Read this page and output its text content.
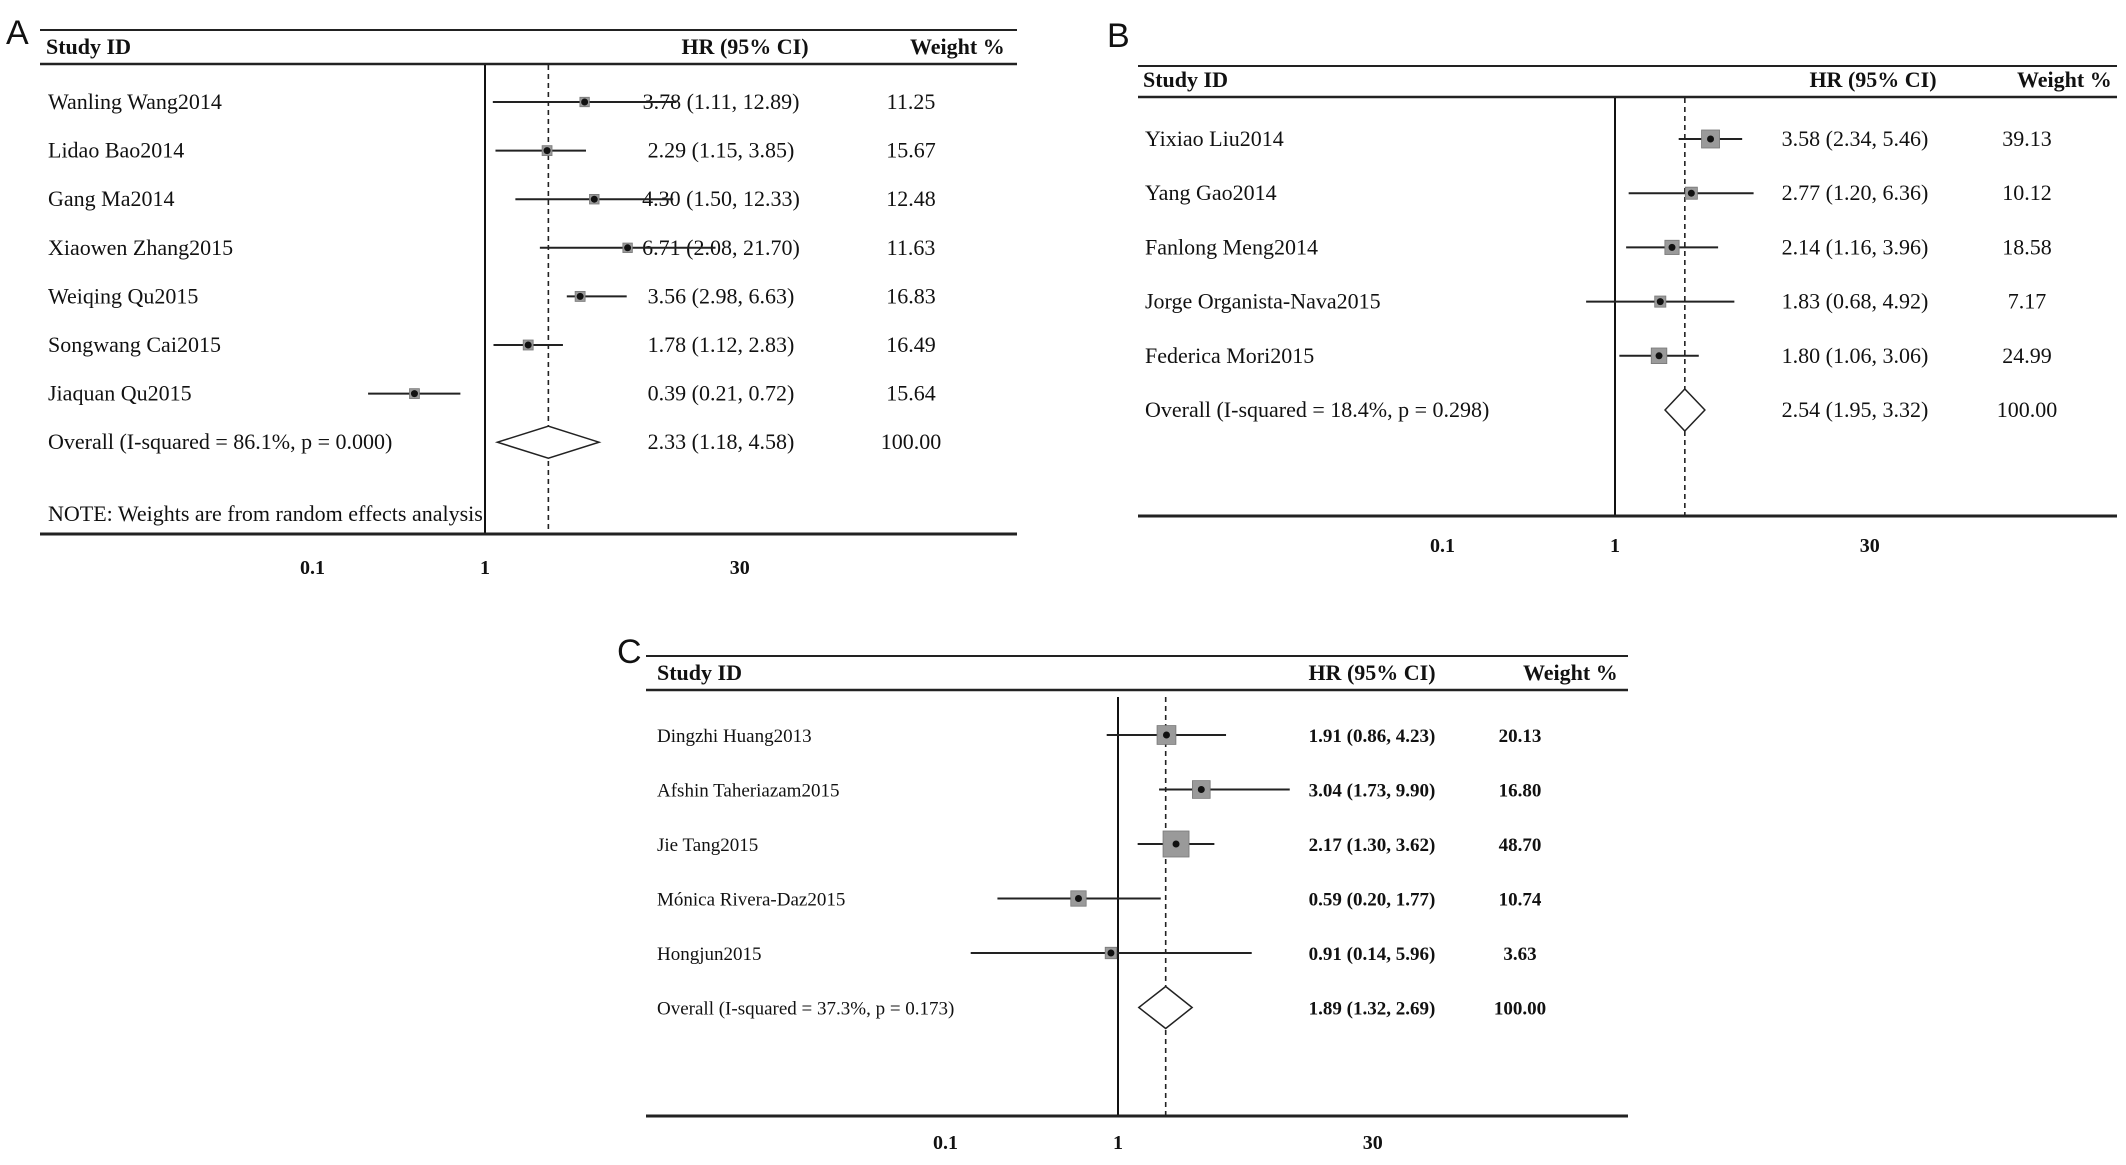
A Study ID	HR (95% CI)	Weight %
Wanling Wang2014	3.78 (1.11, 12.89)	11.25
Lidao Bao2014	2.29 (1.15, 3.85)	15.67
Gang Ma2014	4.30 (1.50, 12.33)	12.48
Xiaowen Zhang2015	6.71 (2.08, 21.70)	11.63
Weiqing Qu2015	3.56 (2.98, 6.63)	16.83
Songwang Cai2015	1.78 (1.12, 2.83)	16.49
Jiaquan Qu2015	0.39 (0.21, 0.72)	15.64
Overall (I-squared = 86.1%, p = 0.000)	2.33 (1.18, 4.58)	100.00
NOTE: Weights are from random effects analysis
0.1	1	30
B
Study ID	HR (95% CI)	Weight %
Yixiao Liu2014	3.58 (2.34, 5.46)	39.13
Yang Gao2014	2.77 (1.20, 6.36)	10.12
Fanlong Meng2014	2.14 (1.16, 3.96)	18.58
Jorge Organista-Nava2015	1.83 (0.68, 4.92)	7.17
Federica Mori2015	1.80 (1.06, 3.06)	24.99
Overall (I-squared = 18.4%, p = 0.298)	2.54 (1.95, 3.32)	100.00
0.1	1	30
C
Study ID	HR (95% CI)	Weight %
Dingzhi Huang2013	1.91 (0.86, 4.23)	20.13
Afshin Taheriazam2015	3.04 (1.73, 9.90)	16.80
Jie Tang2015	2.17 (1.30, 3.62)	48.70
Mónica Rivera-Daz2015	0.59 (0.20, 1.77)	10.74
Hongjun2015	0.91 (0.14, 5.96)	3.63
Overall (I-squared = 37.3%, p = 0.173)	1.89 (1.32, 2.69)	100.00
0.1	1	30
